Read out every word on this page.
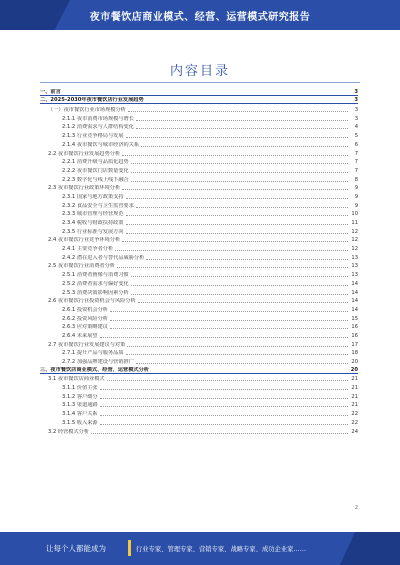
夜市餐饮店商业模式、经营、运营模式研究报告
内容目录
一、前言	3
二、2025-2030年夜市餐饮店行业发展趋势	3
（一）夜市餐饮行业市场规模分析	3
2.1.1 夜市消费市场规模与增长	3
2.1.2 消费需求与人群结构变化	4
2.1.3 行业竞争格局与发展	5
2.1.4 夜市餐饮与城市经济的关系	6
2.2 夜市餐饮行业发展趋势分析	7
2.2.1 消费升级与品质化趋势	7
2.2.2 夜市餐饮门店数量变化	7
2.2.3 数字化与线上线下融合	8
2.3 夜市餐饮行业政策环境分析	9
2.3.1 国家与地方政策支持	9
2.3.2 食品安全与卫生监管要求	9
2.3.3 城市管理与经营规范	10
2.3.4 税收与财政扶持政策	11
2.3.5 行业标准与发展方向	12
2.4 夜市餐饮行业竞争环境分析	12
2.4.1 主要竞争者分析	12
2.4.2 潜在进入者与替代品威胁分析	13
2.5 夜市餐饮行业消费者分析	13
2.5.1 消费者画像与消费习惯	13
2.5.2 消费者需求与偏好变化	14
2.5.3 消费决策影响因素分析	14
2.6 夜市餐饮行业投资机会与风险分析	14
2.6.1 投资机会分析	14
2.6.2 投资风险分析	15
2.6.3 应对策略建议	16
2.6.4 未来展望	16
2.7 夜市餐饮行业发展建议与对策	17
2.7.1 提升产品与服务品质	18
2.7.2 加强品牌建设与营销推广	20
三、夜市餐饮店商业模式、经营、运营模式分析	20
3.1 夜市餐饮店商业模式	21
3.1.1 价值主张	21
3.1.2 客户细分	21
3.1.3 渠道通路	21
3.1.4 客户关系	22
3.1.5 收入来源	22
3.2 经营模式分析	24
2
让每个人都能成为	行业专家、管理专家、营销专家、战略专家、成功企业家……
